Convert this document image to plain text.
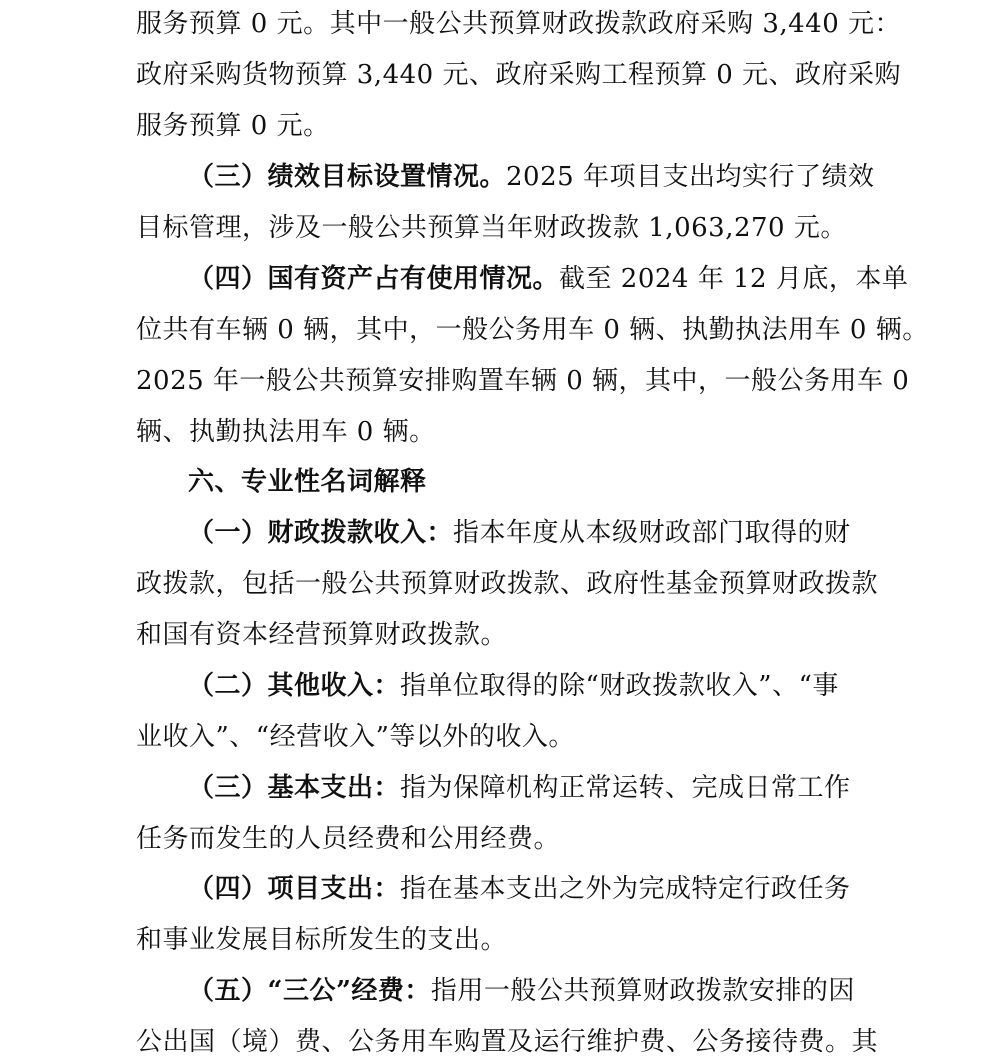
服务预算 0 元。其中一般公共预算财政拨款政府采购 3,440 元：
政府采购货物预算 3,440 元、政府采购工程预算 0 元、政府采购
服务预算 0 元。
（三）绩效目标设置情况。2025 年项目支出均实行了绩效
目标管理，涉及一般公共预算当年财政拨款 1,063,270 元。
（四）国有资产占有使用情况。截至 2024 年 12 月底，本单
位共有车辆 0 辆，其中，一般公务用车 0 辆、执勤执法用车 0 辆。
2025 年一般公共预算安排购置车辆 0 辆，其中，一般公务用车 0
辆、执勤执法用车 0 辆。
六、专业性名词解释
（一）财政拨款收入：指本年度从本级财政部门取得的财
政拨款，包括一般公共预算财政拨款、政府性基金预算财政拨款
和国有资本经营预算财政拨款。
（二）其他收入：指单位取得的除“财政拨款收入”、“事
业收入”、“经营收入”等以外的收入。
（三）基本支出：指为保障机构正常运转、完成日常工作
任务而发生的人员经费和公用经费。
（四）项目支出：指在基本支出之外为完成特定行政任务
和事业发展目标所发生的支出。
（五）“三公”经费：指用一般公共预算财政拨款安排的因
公出国（境）费、公务用车购置及运行维护费、公务接待费。其
